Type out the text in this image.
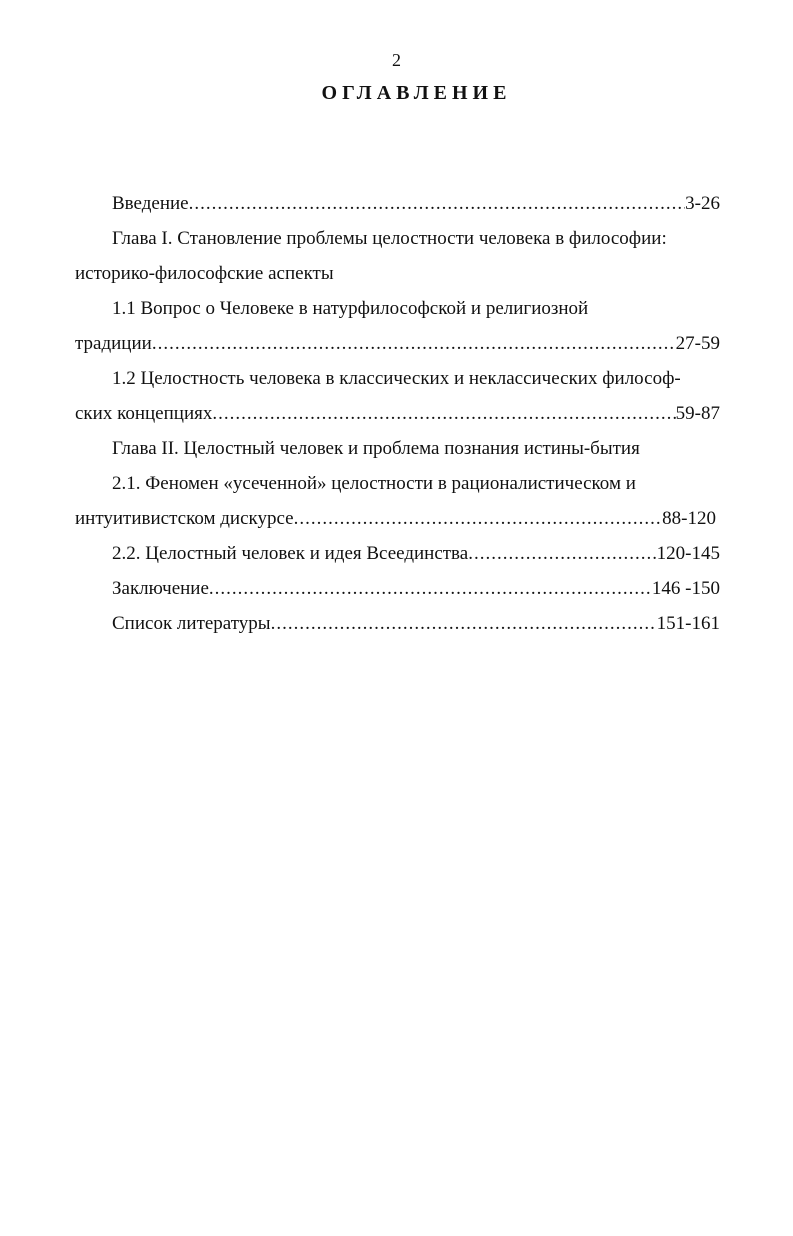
2
ОГЛАВЛЕНИЕ
Введение .....	3-26
Глава I. Становление проблемы целостности человека в философии:
историко-философские аспекты
1.1 Вопрос о Человеке в натурфилософской и религиозной
традиции .....	27-59
1.2 Целостность человека в классических и неклассических философ-
ских концепциях .....	59-87
Глава II. Целостный человек и проблема познания истины-бытия
2.1. Феномен «усеченной» целостности в рационалистическом и
интуитивистском дискурсе .....	88-120
2.2. Целостный человек и идея Всеединства .....	120-145
Заключение .....	146 -150
Список литературы .....	151-161
